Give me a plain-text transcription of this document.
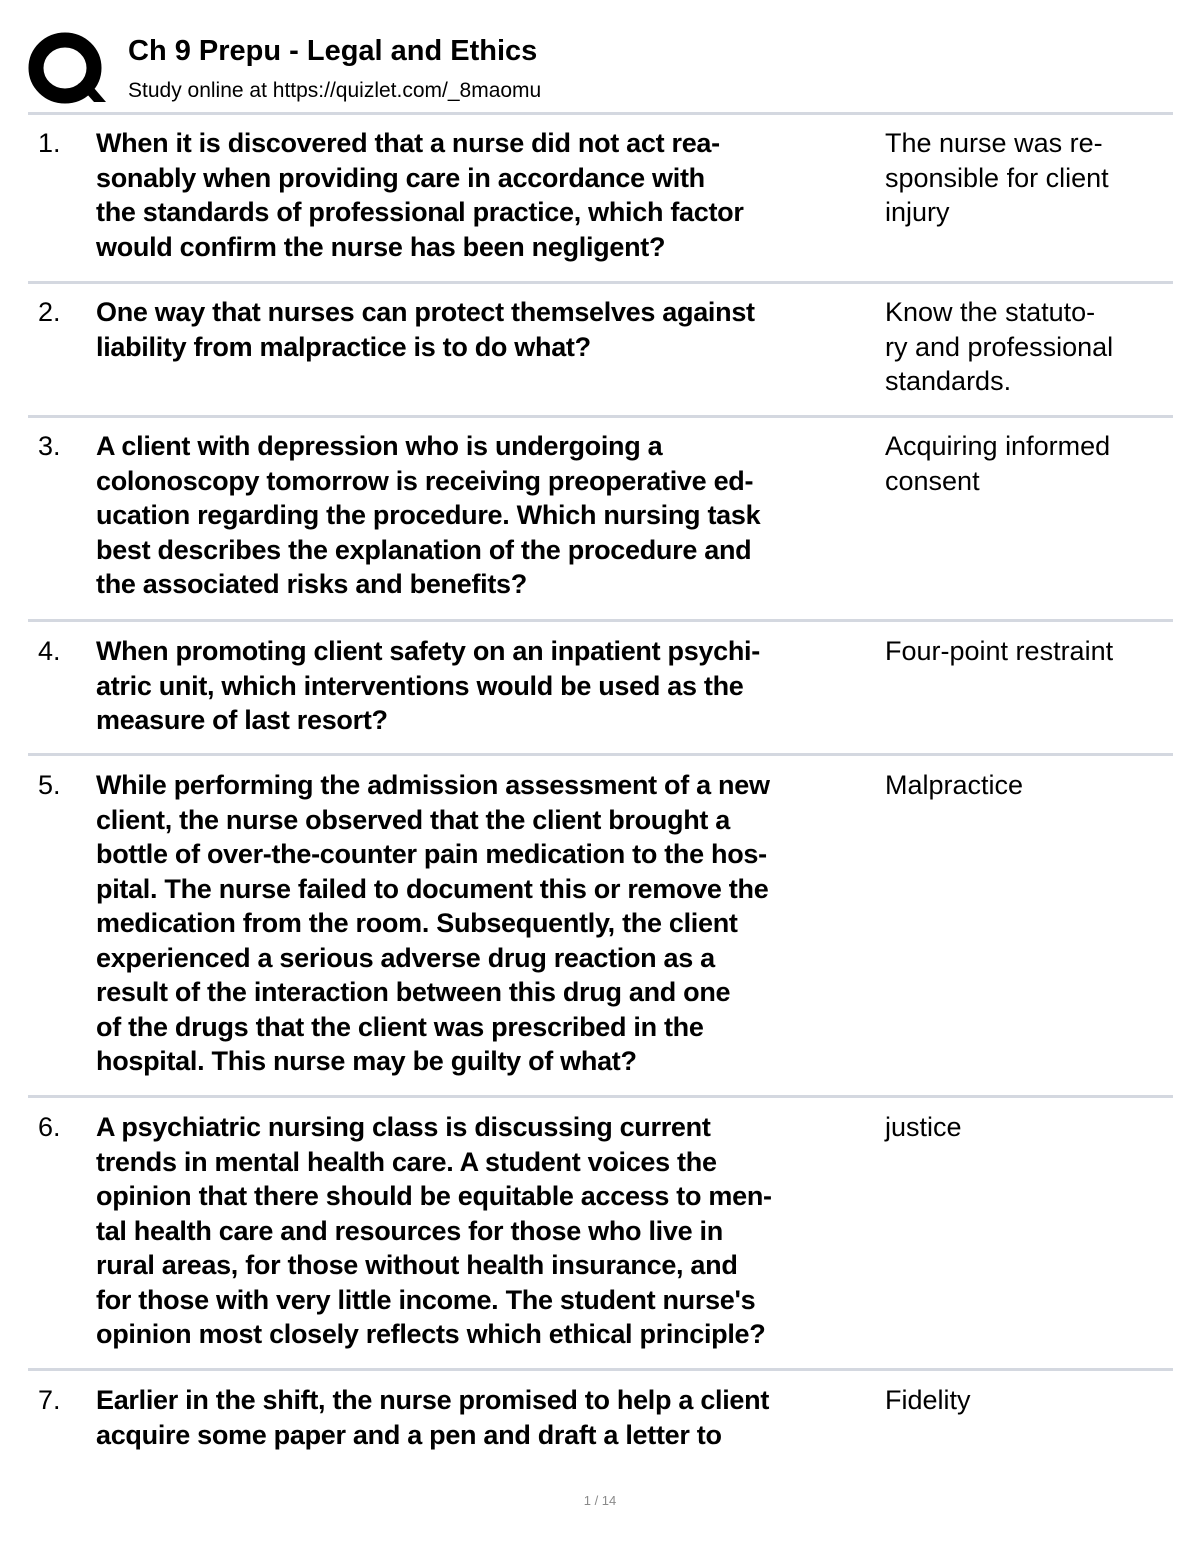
Ch 9 Prepu - Legal and Ethics
Study online at https://quizlet.com/_8maomu
1. When it is discovered that a nurse did not act rea-
sonably when providing care in accordance with
the standards of professional practice, which factor
would confirm the nurse has been negligent?
The nurse was re-
sponsible for client
injury
2. One way that nurses can protect themselves against
liability from malpractice is to do what?
Know the statuto-
ry and professional
standards.
3. A client with depression who is undergoing a
colonoscopy tomorrow is receiving preoperative ed-
ucation regarding the procedure. Which nursing task
best describes the explanation of the procedure and
the associated risks and benefits?
Acquiring informed
consent
4. When promoting client safety on an inpatient psychi-
atric unit, which interventions would be used as the
measure of last resort?
Four-point restraint
5. While performing the admission assessment of a new
client, the nurse observed that the client brought a
bottle of over-the-counter pain medication to the hos-
pital. The nurse failed to document this or remove the
medication from the room. Subsequently, the client
experienced a serious adverse drug reaction as a
result of the interaction between this drug and one
of the drugs that the client was prescribed in the
hospital. This nurse may be guilty of what?
Malpractice
6. A psychiatric nursing class is discussing current
trends in mental health care. A student voices the
opinion that there should be equitable access to men-
tal health care and resources for those who live in
rural areas, for those without health insurance, and
for those with very little income. The student nurse's
opinion most closely reflects which ethical principle?
justice
7. Earlier in the shift, the nurse promised to help a client
acquire some paper and a pen and draft a letter to
Fidelity
1 / 14
